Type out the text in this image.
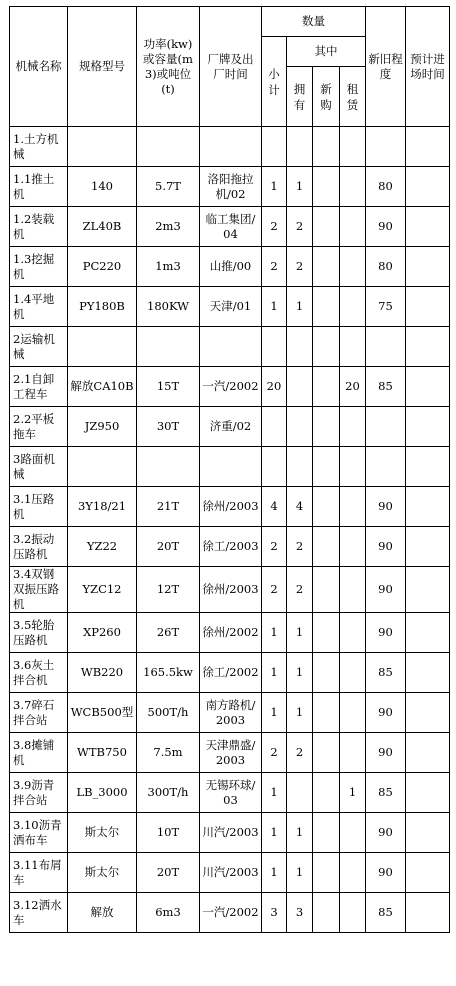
机械名称	规格型号	功率(kw)或容量(m3)或吨位(t)	厂牌及出厂时间	数量				新旧程度	预计进场时间
				小计	其中				
					拥有	新购	租赁		
1.土方机械									
1.1推土机	140	5.7T	洛阳拖拉机/02	1	1			80	
1.2装载机	ZL40B	2m3	临工集团/04	2	2			90	
1.3挖掘机	PC220	1m3	山推/00	2	2			80	
1.4平地机	PY180B	180KW	天津/01	1	1			75	
2运输机械									
2.1自卸工程车	解放CA10B	15T	一汽/2002	20			20	85	
2.2平板拖车	JZ950	30T	济重/02						
3路面机械									
3.1压路机	3Y18/21	21T	徐州/2003	4	4			90	
3.2振动压路机	YZ22	20T	徐工/2003	2	2			90	
3.4双钢双振压路机	YZC12	12T	徐州/2003	2	2			90	
3.5轮胎压路机	XP260	26T	徐州/2002	1	1			90	
3.6灰土拌合机	WB220	165.5kw	徐工/2002	1	1			85	
3.7碎石拌合站	WCB500型	500T/h	南方路机/2003	1	1			90	
3.8摊铺机	WTB750	7.5m	天津鼎盛/2003	2	2			90	
3.9沥青拌合站	LB_3000	300T/h	无锡环球/03	1			1	85	
3.10沥青洒布车	斯太尔	10T	川汽/2003	1	1			90	
3.11布屑车	斯太尔	20T	川汽/2003	1	1			90	
3.12洒水车	解放	6m3	一汽/2002	3	3			85	
